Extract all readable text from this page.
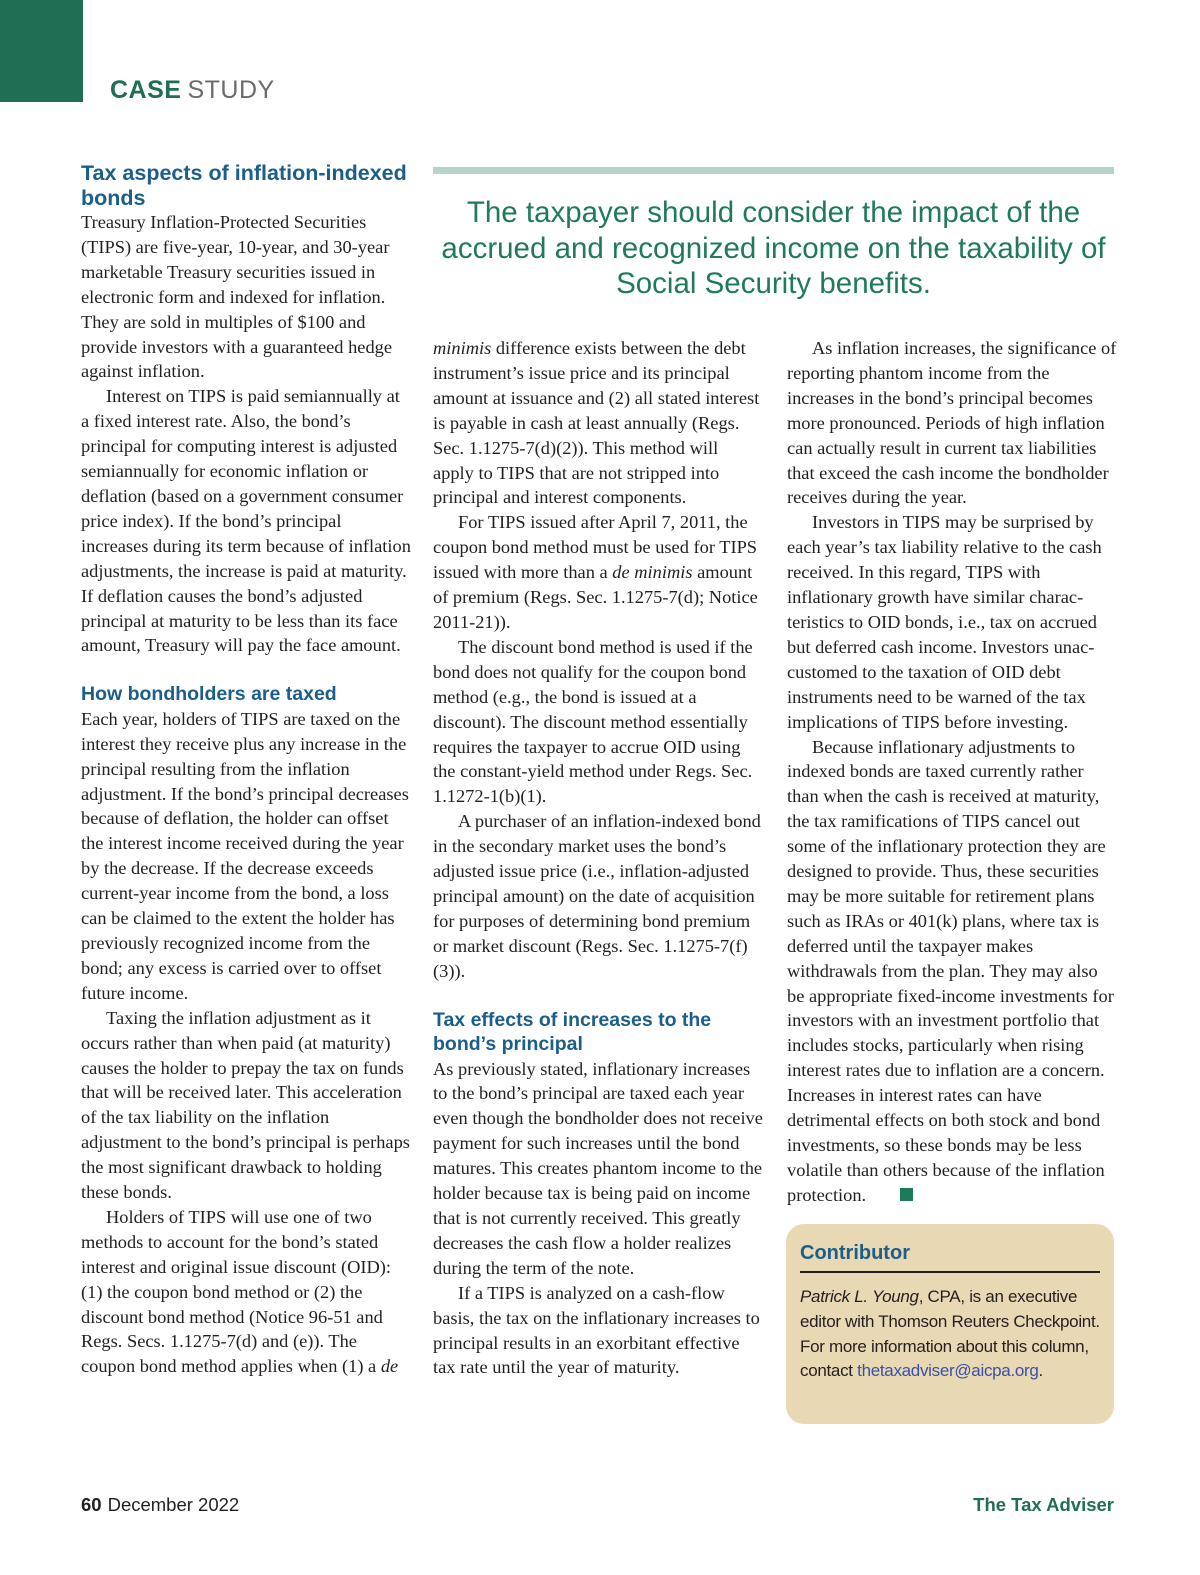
CASE STUDY

The taxpayer should consider the impact of the accrued and recognized income on the taxability of Social Security benefits.

Tax aspects of inflation-indexed bonds

Treasury Inflation-Protected Securities (TIPS) are five-year, 10-year, and 30-year marketable Treasury securities issued in electronic form and indexed for inflation. They are sold in multiples of $100 and provide investors with a guaranteed hedge against inflation.

Interest on TIPS is paid semiannually at a fixed interest rate. Also, the bond’s principal for computing interest is adjusted semiannually for economic inflation or deflation (based on a government consumer price index). If the bond’s principal increases during its term because of inflation adjustments, the increase is paid at maturity. If deflation causes the bond’s adjusted principal at maturity to be less than its face amount, Treasury will pay the face amount.

How bondholders are taxed

Each year, holders of TIPS are taxed on the interest they receive plus any increase in the principal resulting from the inflation adjustment. If the bond’s principal decreases because of deflation, the holder can offset the interest income received during the year by the decrease. If the decrease exceeds current-year income from the bond, a loss can be claimed to the extent the holder has previously recognized income from the bond; any excess is carried over to offset future income.

Taxing the inflation adjustment as it occurs rather than when paid (at maturity) causes the holder to prepay the tax on funds that will be received later. This acceleration of the tax liability on the inflation adjustment to the bond’s principal is perhaps the most significant drawback to holding these bonds.

Holders of TIPS will use one of two methods to account for the bond’s stated interest and original issue discount (OID): (1) the coupon bond method or (2) the discount bond method (Notice 96-51 and Regs. Secs. 1.1275-7(d) and (e)). The coupon bond method applies when (1) a de

minimis difference exists between the debt instrument’s issue price and its principal amount at issuance and (2) all stated interest is payable in cash at least annually (Regs. Sec. 1.1275-7(d)(2)). This method will apply to TIPS that are not stripped into principal and interest components.

For TIPS issued after April 7, 2011, the coupon bond method must be used for TIPS issued with more than a de minimis amount of premium (Regs. Sec. 1.1275-7(d); Notice 2011-21)).

The discount bond method is used if the bond does not qualify for the coupon bond method (e.g., the bond is issued at a discount). The discount method essentially requires the taxpayer to accrue OID using the constant-yield method under Regs. Sec. 1.1272-1(b)(1).

A purchaser of an inflation-indexed bond in the secondary market uses the bond’s adjusted issue price (i.e., inflation-adjusted principal amount) on the date of acquisition for purposes of determining bond premium or market discount (Regs. Sec. 1.1275-7(f)(3)).

Tax effects of increases to the bond’s principal

As previously stated, inflationary increases to the bond’s principal are taxed each year even though the bondholder does not receive payment for such increases until the bond matures. This creates phantom income to the holder because tax is being paid on income that is not currently received. This greatly decreases the cash flow a holder realizes during the term of the note.

If a TIPS is analyzed on a cash-flow basis, the tax on the inflationary increases to principal results in an exorbitant effective tax rate until the year of maturity.

As inflation increases, the significance of reporting phantom income from the increases in the bond’s principal becomes more pronounced. Periods of high inflation can actually result in current tax liabilities that exceed the cash income the bondholder receives during the year.

Investors in TIPS may be surprised by each year’s tax liability relative to the cash received. In this regard, TIPS with inflationary growth have similar characteristics to OID bonds, i.e., tax on accrued but deferred cash income. Investors unaccustomed to the taxation of OID debt instruments need to be warned of the tax implications of TIPS before investing.

Because inflationary adjustments to indexed bonds are taxed currently rather than when the cash is received at maturity, the tax ramifications of TIPS cancel out some of the inflationary protection they are designed to provide. Thus, these securities may be more suitable for retirement plans such as IRAs or 401(k) plans, where tax is deferred until the taxpayer makes withdrawals from the plan. They may also be appropriate fixed-income investments for investors with an investment portfolio that includes stocks, particularly when rising interest rates due to inflation are a concern. Increases in interest rates can have detrimental effects on both stock and bond investments, so these bonds may be less volatile than others because of the inflation protection.

Contributor

Patrick L. Young, CPA, is an executive editor with Thomson Reuters Checkpoint. For more information about this column, contact thetaxadviser@aicpa.org.

60 December 2022	The Tax Adviser
